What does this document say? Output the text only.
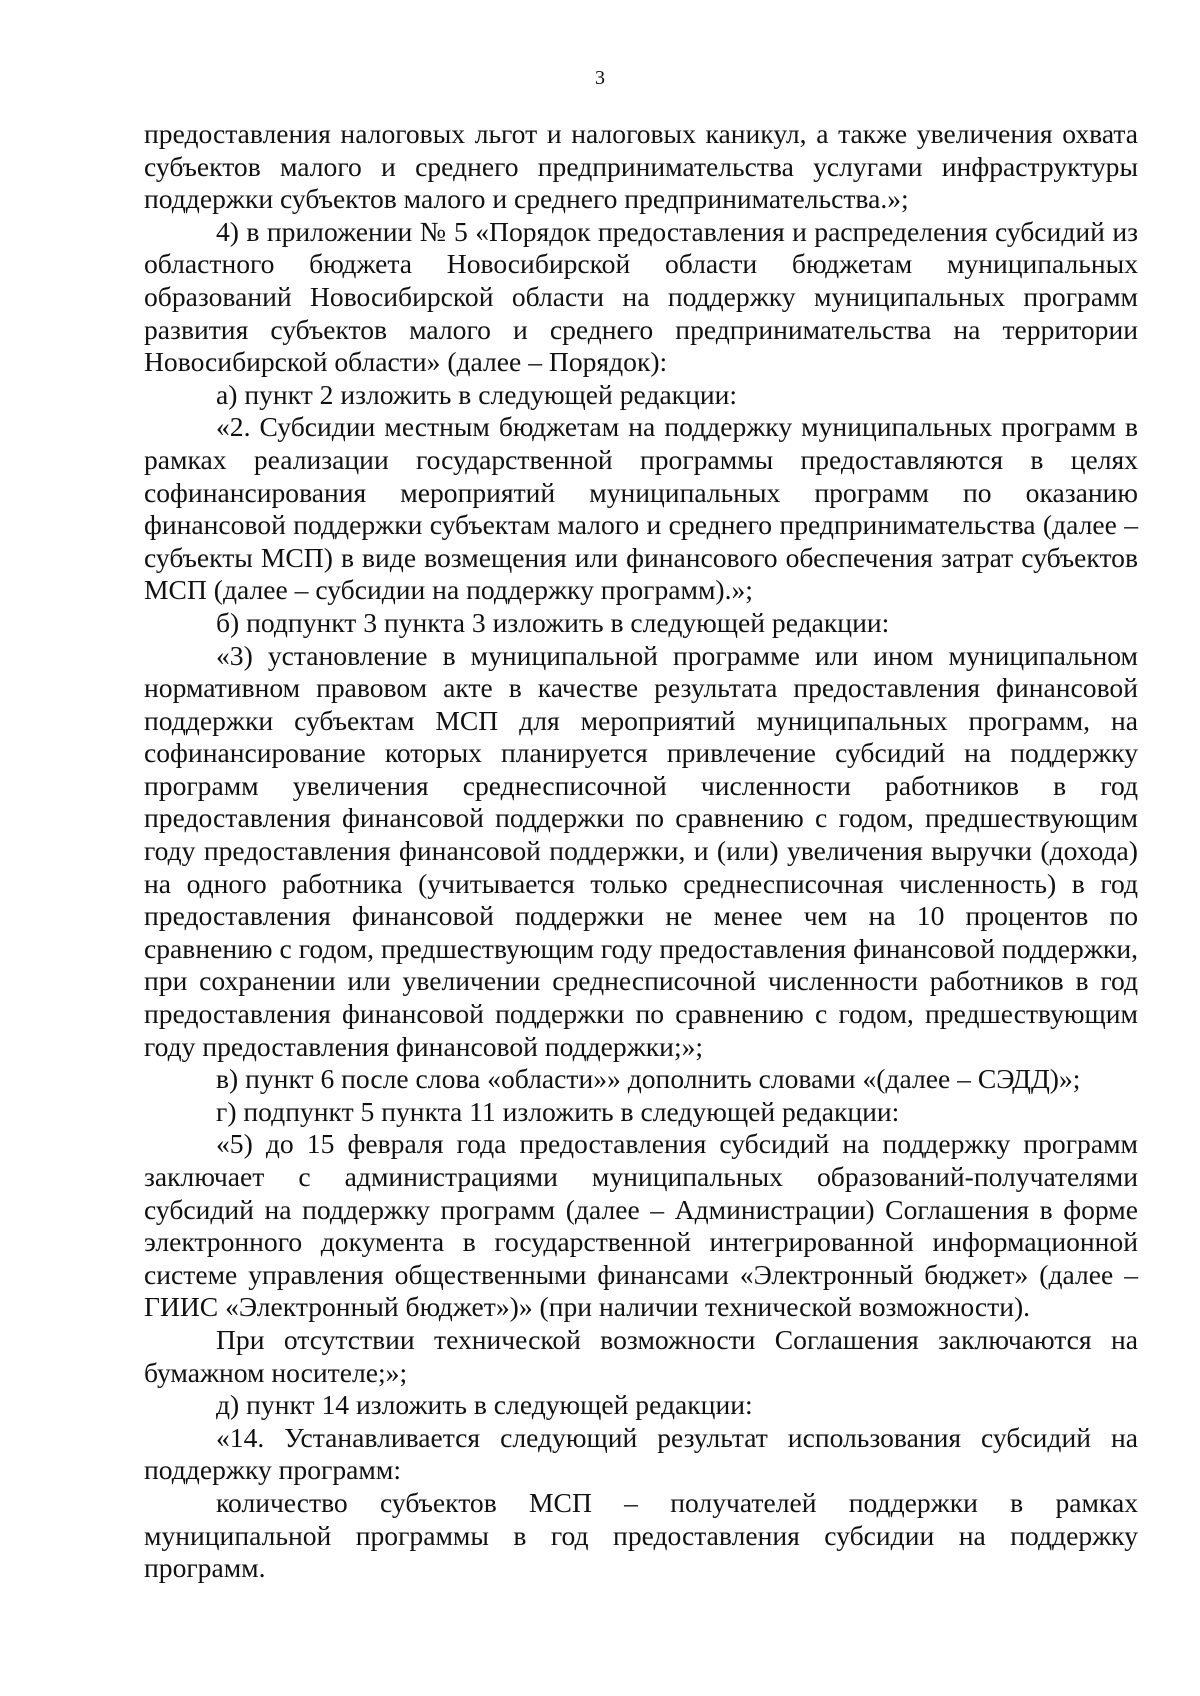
3

предоставления налоговых льгот и налоговых каникул, а также увеличения охвата субъектов малого и среднего предпринимательства услугами инфраструктуры поддержки субъектов малого и среднего предпринимательства.»;

4) в приложении № 5 «Порядок предоставления и распределения субсидий из областного бюджета Новосибирской области бюджетам муниципальных образований Новосибирской области на поддержку муниципальных программ развития субъектов малого и среднего предпринимательства на территории Новосибирской области» (далее – Порядок):

а) пункт 2 изложить в следующей редакции:

«2. Субсидии местным бюджетам на поддержку муниципальных программ в рамках реализации государственной программы предоставляются в целях софинансирования мероприятий муниципальных программ по оказанию финансовой поддержки субъектам малого и среднего предпринимательства (далее – субъекты МСП) в виде возмещения или финансового обеспечения затрат субъектов МСП (далее – субсидии на поддержку программ).»;

б) подпункт 3 пункта 3 изложить в следующей редакции:

«3) установление в муниципальной программе или ином муниципальном нормативном правовом акте в качестве результата предоставления финансовой поддержки субъектам МСП для мероприятий муниципальных программ, на софинансирование которых планируется привлечение субсидий на поддержку программ увеличения среднесписочной численности работников в год предоставления финансовой поддержки по сравнению с годом, предшествующим году предоставления финансовой поддержки, и (или) увеличения выручки (дохода) на одного работника (учитывается только среднесписочная численность) в год предоставления финансовой поддержки не менее чем на 10 процентов по сравнению с годом, предшествующим году предоставления финансовой поддержки, при сохранении или увеличении среднесписочной численности работников в год предоставления финансовой поддержки по сравнению с годом, предшествующим году предоставления финансовой поддержки;»;

в) пункт 6 после слова «области»» дополнить словами «(далее – СЭДД)»;

г) подпункт 5 пункта 11 изложить в следующей редакции:

«5) до 15 февраля года предоставления субсидий на поддержку программ заключает с администрациями муниципальных образований-получателями субсидий на поддержку программ (далее – Администрации) Соглашения в форме электронного документа в государственной интегрированной информационной системе управления общественными финансами «Электронный бюджет» (далее – ГИИС «Электронный бюджет»)» (при наличии технической возможности).

При отсутствии технической возможности Соглашения заключаются на бумажном носителе;»;

д) пункт 14 изложить в следующей редакции:

«14. Устанавливается следующий результат использования субсидий на поддержку программ:

количество субъектов МСП – получателей поддержки в рамках муниципальной программы в год предоставления субсидии на поддержку программ.
